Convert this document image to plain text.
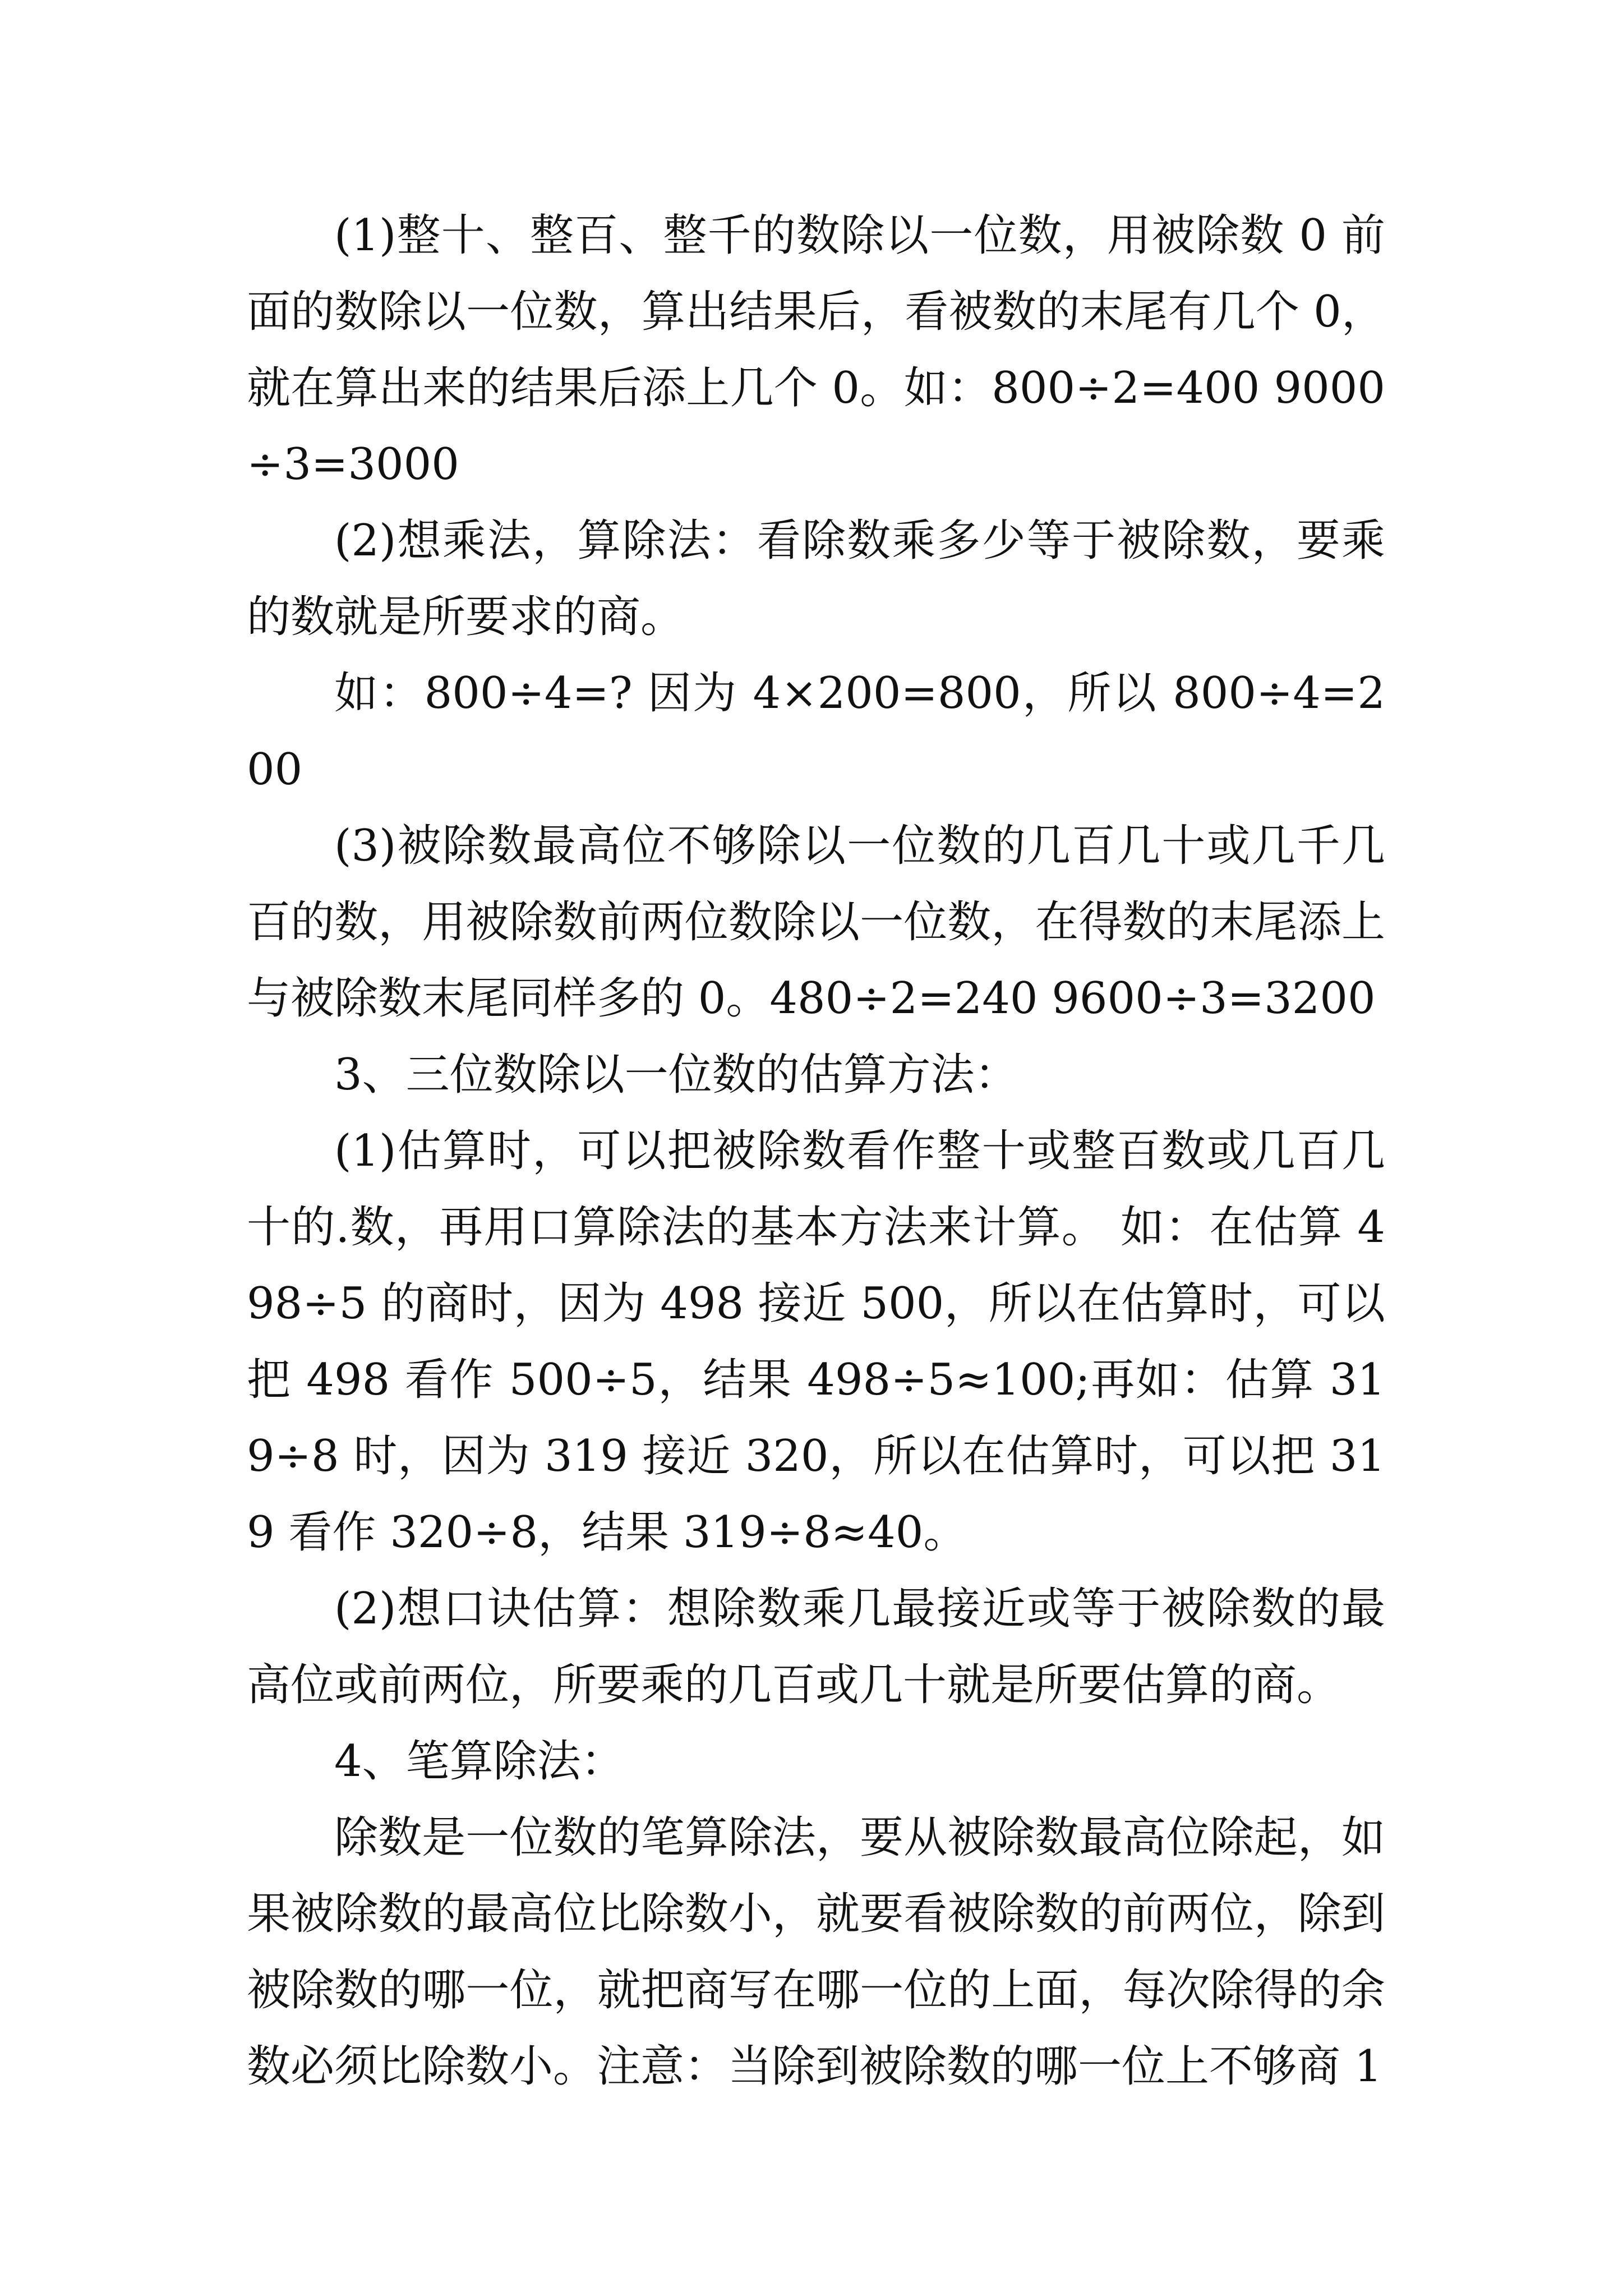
(1)整十、整百、整千的数除以一位数，用被除数 0 前面的数除以一位数，算出结果后，看被数的末尾有几个 0，就在算出来的结果后添上几个 0。如：800÷2=400 9000÷3=3000

(2)想乘法，算除法：看除数乘多少等于被除数，要乘的数就是所要求的商。

如：800÷4=? 因为 4×200=800，所以 800÷4=200

(3)被除数最高位不够除以一位数的几百几十或几千几百的数，用被除数前两位数除以一位数，在得数的末尾添上与被除数末尾同样多的 0。480÷2=240 9600÷3=3200

3、三位数除以一位数的估算方法：

(1)估算时，可以把被除数看作整十或整百数或几百几十的.数，再用口算除法的基本方法来计算。 如：在估算 498÷5 的商时，因为 498 接近 500，所以在估算时，可以把 498 看作 500÷5，结果 498÷5≈100;再如：估算 319÷8 时，因为 319 接近 320，所以在估算时，可以把 319 看作 320÷8，结果 319÷8≈40。

(2)想口诀估算：想除数乘几最接近或等于被除数的最高位或前两位，所要乘的几百或几十就是所要估算的商。

4、笔算除法：

除数是一位数的笔算除法，要从被除数最高位除起，如果被除数的最高位比除数小，就要看被除数的前两位，除到被除数的哪一位，就把商写在哪一位的上面，每次除得的余数必须比除数小。注意：当除到被除数的哪一位上不够商 1
